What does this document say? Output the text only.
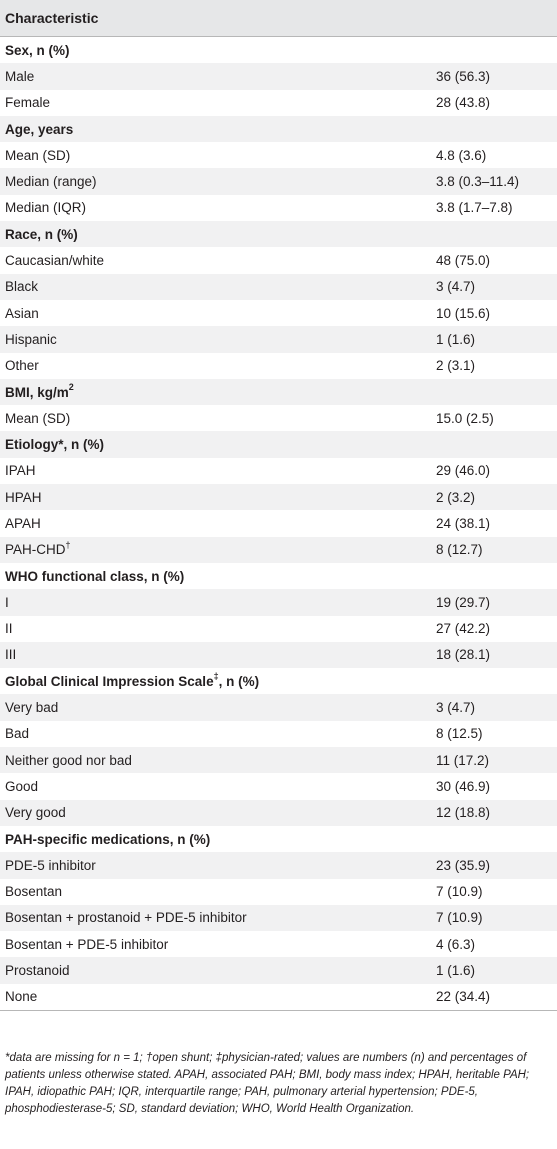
Characteristic
Sex, n (%)
Male	36 (56.3)
Female	28 (43.8)
Age, years
Mean (SD)	4.8 (3.6)
Median (range)	3.8 (0.3–11.4)
Median (IQR)	3.8 (1.7–7.8)
Race, n (%)
Caucasian/white	48 (75.0)
Black	3 (4.7)
Asian	10 (15.6)
Hispanic	1 (1.6)
Other	2 (3.1)
BMI, $kg/m^2$
Mean (SD)	15.0 (2.5)
Etiology*, n (%)
IPAH	29 (46.0)
HPAH	2 (3.2)
APAH	24 (38.1)
PAH-CHD†	8 (12.7)
WHO functional class, n (%)
I	19 (29.7)
II	27 (42.2)
III	18 (28.1)
Global Clinical Impression Scale‡, n (%)
Very bad	3 (4.7)
Bad	8 (12.5)
Neither good nor bad	11 (17.2)
Good	30 (46.9)
Very good	12 (18.8)
PAH-specific medications, n (%)
PDE-5 inhibitor	23 (35.9)
Bosentan	7 (10.9)
Bosentan + prostanoid + PDE-5 inhibitor	7 (10.9)
Bosentan + PDE-5 inhibitor	4 (6.3)
Prostanoid	1 (1.6)
None	22 (34.4)
*data are missing for n = 1; †open shunt; ‡physician-rated; values are numbers (n) and percentages of patients unless otherwise stated. APAH, associated PAH; BMI, body mass index; HPAH, heritable PAH; IPAH, idiopathic PAH; IQR, interquartile range; PAH, pulmonary arterial hypertension; PDE-5, phosphodiesterase-5; SD, standard deviation; WHO, World Health Organization.
